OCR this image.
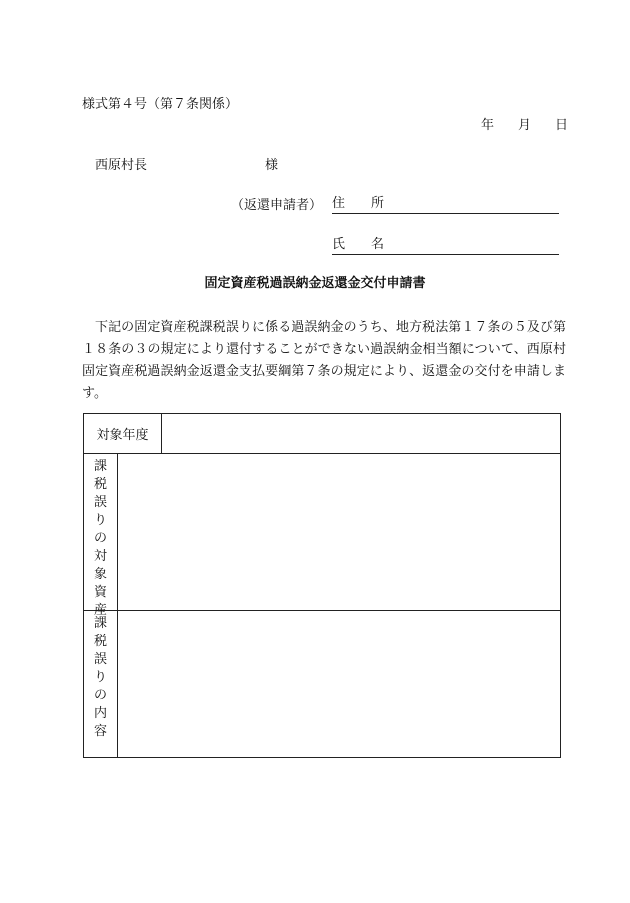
様式第４号（第７条関係）
年 月 日
西原村長	様
（返還申請者） 住　　所
氏　　名
固定資産税過誤納金返還金交付申請書
下記の固定資産税課税誤りに係る過誤納金のうち、地方税法第１７条の５及び第１８条の３の規定により還付することができない過誤納金相当額について、西原村固定資産税過誤納金返還金支払要綱第７条の規定により、返還金の交付を申請します。
対象年度
課
税
誤
り
の
対
象
資
産
課
税
誤
り
の
内
容
